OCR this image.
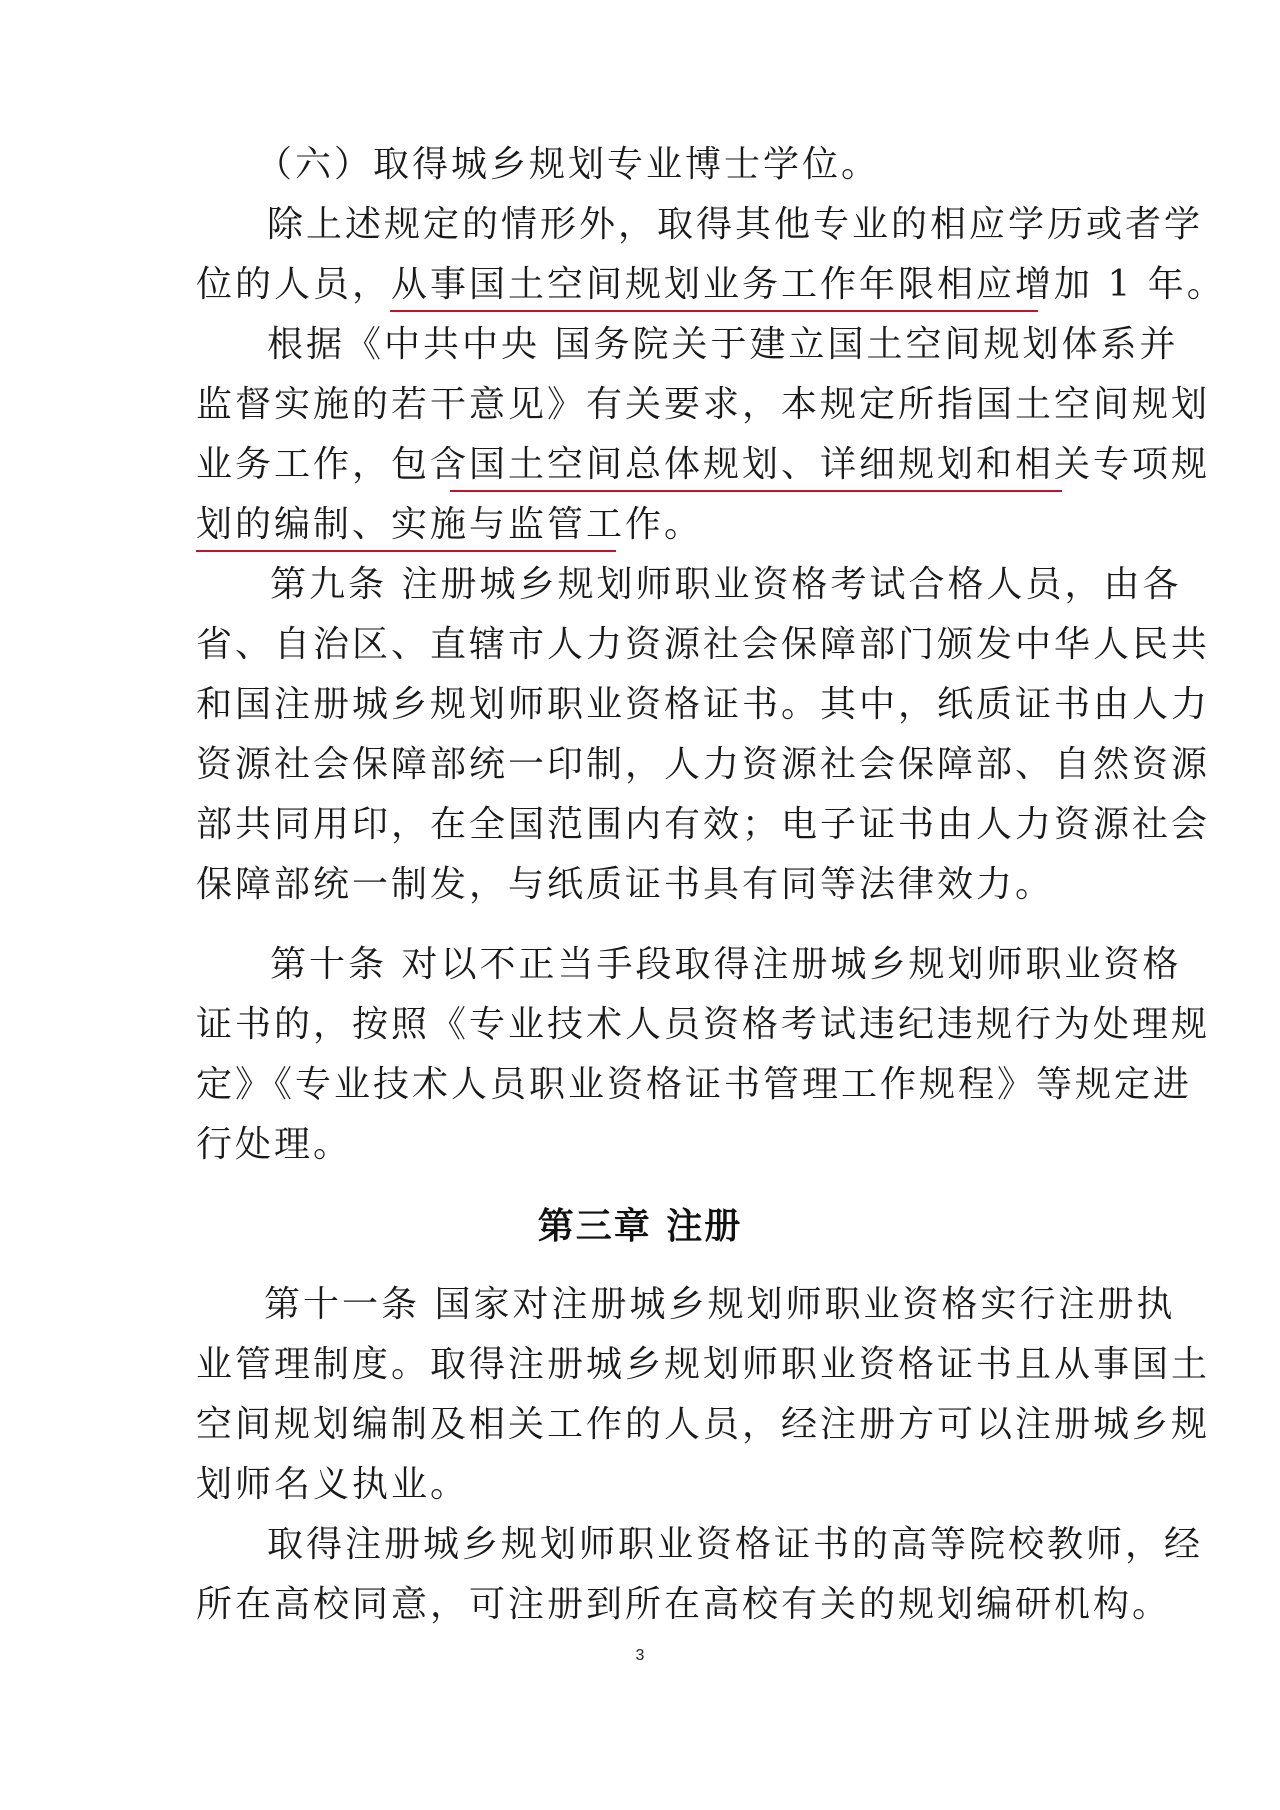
（六）取得城乡规划专业博士学位。
除上述规定的情形外，取得其他专业的相应学历或者学
位的人员，从事国土空间规划业务工作年限相应增加 1 年。
根据《中共中央 国务院关于建立国土空间规划体系并
监督实施的若干意见》有关要求，本规定所指国土空间规划
业务工作，包含国土空间总体规划、详细规划和相关专项规
划的编制、实施与监管工作。
第九条 注册城乡规划师职业资格考试合格人员，由各
省、自治区、直辖市人力资源社会保障部门颁发中华人民共
和国注册城乡规划师职业资格证书。其中，纸质证书由人力
资源社会保障部统一印制，人力资源社会保障部、自然资源
部共同用印，在全国范围内有效；电子证书由人力资源社会
保障部统一制发，与纸质证书具有同等法律效力。
第十条 对以不正当手段取得注册城乡规划师职业资格
证书的，按照《专业技术人员资格考试违纪违规行为处理规
定》《专业技术人员职业资格证书管理工作规程》等规定进
行处理。
第三章 注册
第十一条 国家对注册城乡规划师职业资格实行注册执
业管理制度。取得注册城乡规划师职业资格证书且从事国土
空间规划编制及相关工作的人员，经注册方可以注册城乡规
划师名义执业。
取得注册城乡规划师职业资格证书的高等院校教师，经
所在高校同意，可注册到所在高校有关的规划编研机构。
3
